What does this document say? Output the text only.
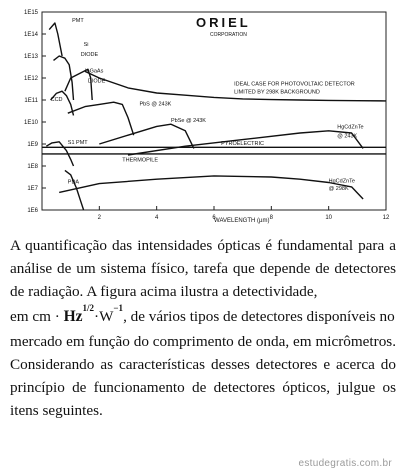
1E6
1E7
1E8
1E9
1E10
1E11
1E12
1E13
1E14
1E15
2	4	6	8	10	12
PMT
Si
DIODE
InGaAs
DIODE
CCD
IDEAL CASE FOR PHOTOVOLTAIC DETECTOR
LIMITED BY 298K BACKGROUND
PbS @ 243K
PbSe @ 243K
HgCdZnTe
@ 243K
S1 PMT	PYROELECTRIC
THERMOPILE
PDA	HgCdZnTe
@ 298K
ORIEL
CORPORATION
WAVELENGTH (µm)

A quantificação das intensidades ópticas é fundamental para a análise de um sistema físico, tarefa que depende de detectores de radiação. A figura acima ilustra a detectividade,

em cm · $Hz^{1/2}\cdot W^{-1}$, de vários tipos de detectores disponíveis no

mercado em função do comprimento de onda, em micrômetros. Considerando as características desses detectores e acerca do princípio de funcionamento de detectores ópticos, julgue os itens seguintes.

estudegratis.com.br
